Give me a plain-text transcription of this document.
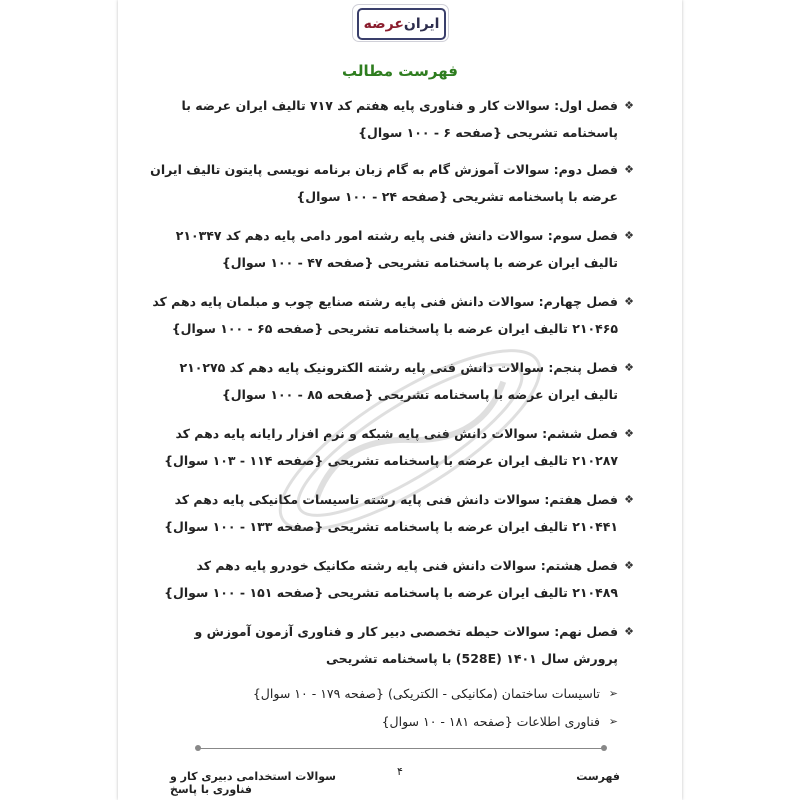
ایران
عرضه
فهرست مطالب
❖
فصل اول: سوالات کار و فناوری پایه هفتم کد ۷۱۷ تالیف ایران عرضه با پاسخنامه تشریحی {صفحه ۶ - ۱۰۰ سوال}
❖
فصل دوم: سوالات آموزش گام به گام زبان برنامه نویسی پایتون تالیف ایران عرضه با پاسخنامه تشریحی {صفحه ۲۴ - ۱۰۰ سوال}
❖
فصل سوم: سوالات دانش فنی پایه رشته امور دامی پایه دهم کد ۲۱۰۳۴۷ تالیف ایران عرضه با پاسخنامه تشریحی {صفحه ۴۷ - ۱۰۰ سوال}
❖
فصل چهارم: سوالات دانش فنی پایه رشته صنایع چوب و مبلمان پایه دهم کد ۲۱۰۴۶۵ تالیف ایران عرضه با پاسخنامه تشریحی {صفحه ۶۵ - ۱۰۰ سوال}
❖
فصل پنجم: سوالات دانش فنی پایه رشته الکترونیک پایه دهم کد ۲۱۰۲۷۵ تالیف ایران عرضه با پاسخنامه تشریحی {صفحه ۸۵ - ۱۰۰ سوال}
❖
فصل ششم: سوالات دانش فنی پایه شبکه و نرم افزار رایانه پایه دهم کد ۲۱۰۲۸۷ تالیف ایران عرضه با پاسخنامه تشریحی {صفحه ۱۱۴ - ۱۰۳ سوال}
❖
فصل هفتم: سوالات دانش فنی پایه رشته تاسیسات مکانیکی پایه دهم کد ۲۱۰۴۴۱ تالیف ایران عرضه با پاسخنامه تشریحی {صفحه ۱۳۳ - ۱۰۰ سوال}
❖
فصل هشتم: سوالات دانش فنی پایه رشته مکانیک خودرو پایه دهم کد ۲۱۰۴۸۹ تالیف ایران عرضه با پاسخنامه تشریحی {صفحه ۱۵۱ - ۱۰۰ سوال}
❖
فصل نهم: سوالات حیطه تخصصی دبیر کار و فناوری آزمون آموزش و پرورش سال ۱۴۰۱ (528E) با پاسخنامه تشریحی
➢
تاسیسات ساختمان (مکانیکی - الکتریکی) {صفحه ۱۷۹ - ۱۰ سوال}
➢
فناوری اطلاعات {صفحه ۱۸۱ - ۱۰ سوال}
فهرست
۴
سوالات استخدامی دبیری کار و فناوری با پاسخ
